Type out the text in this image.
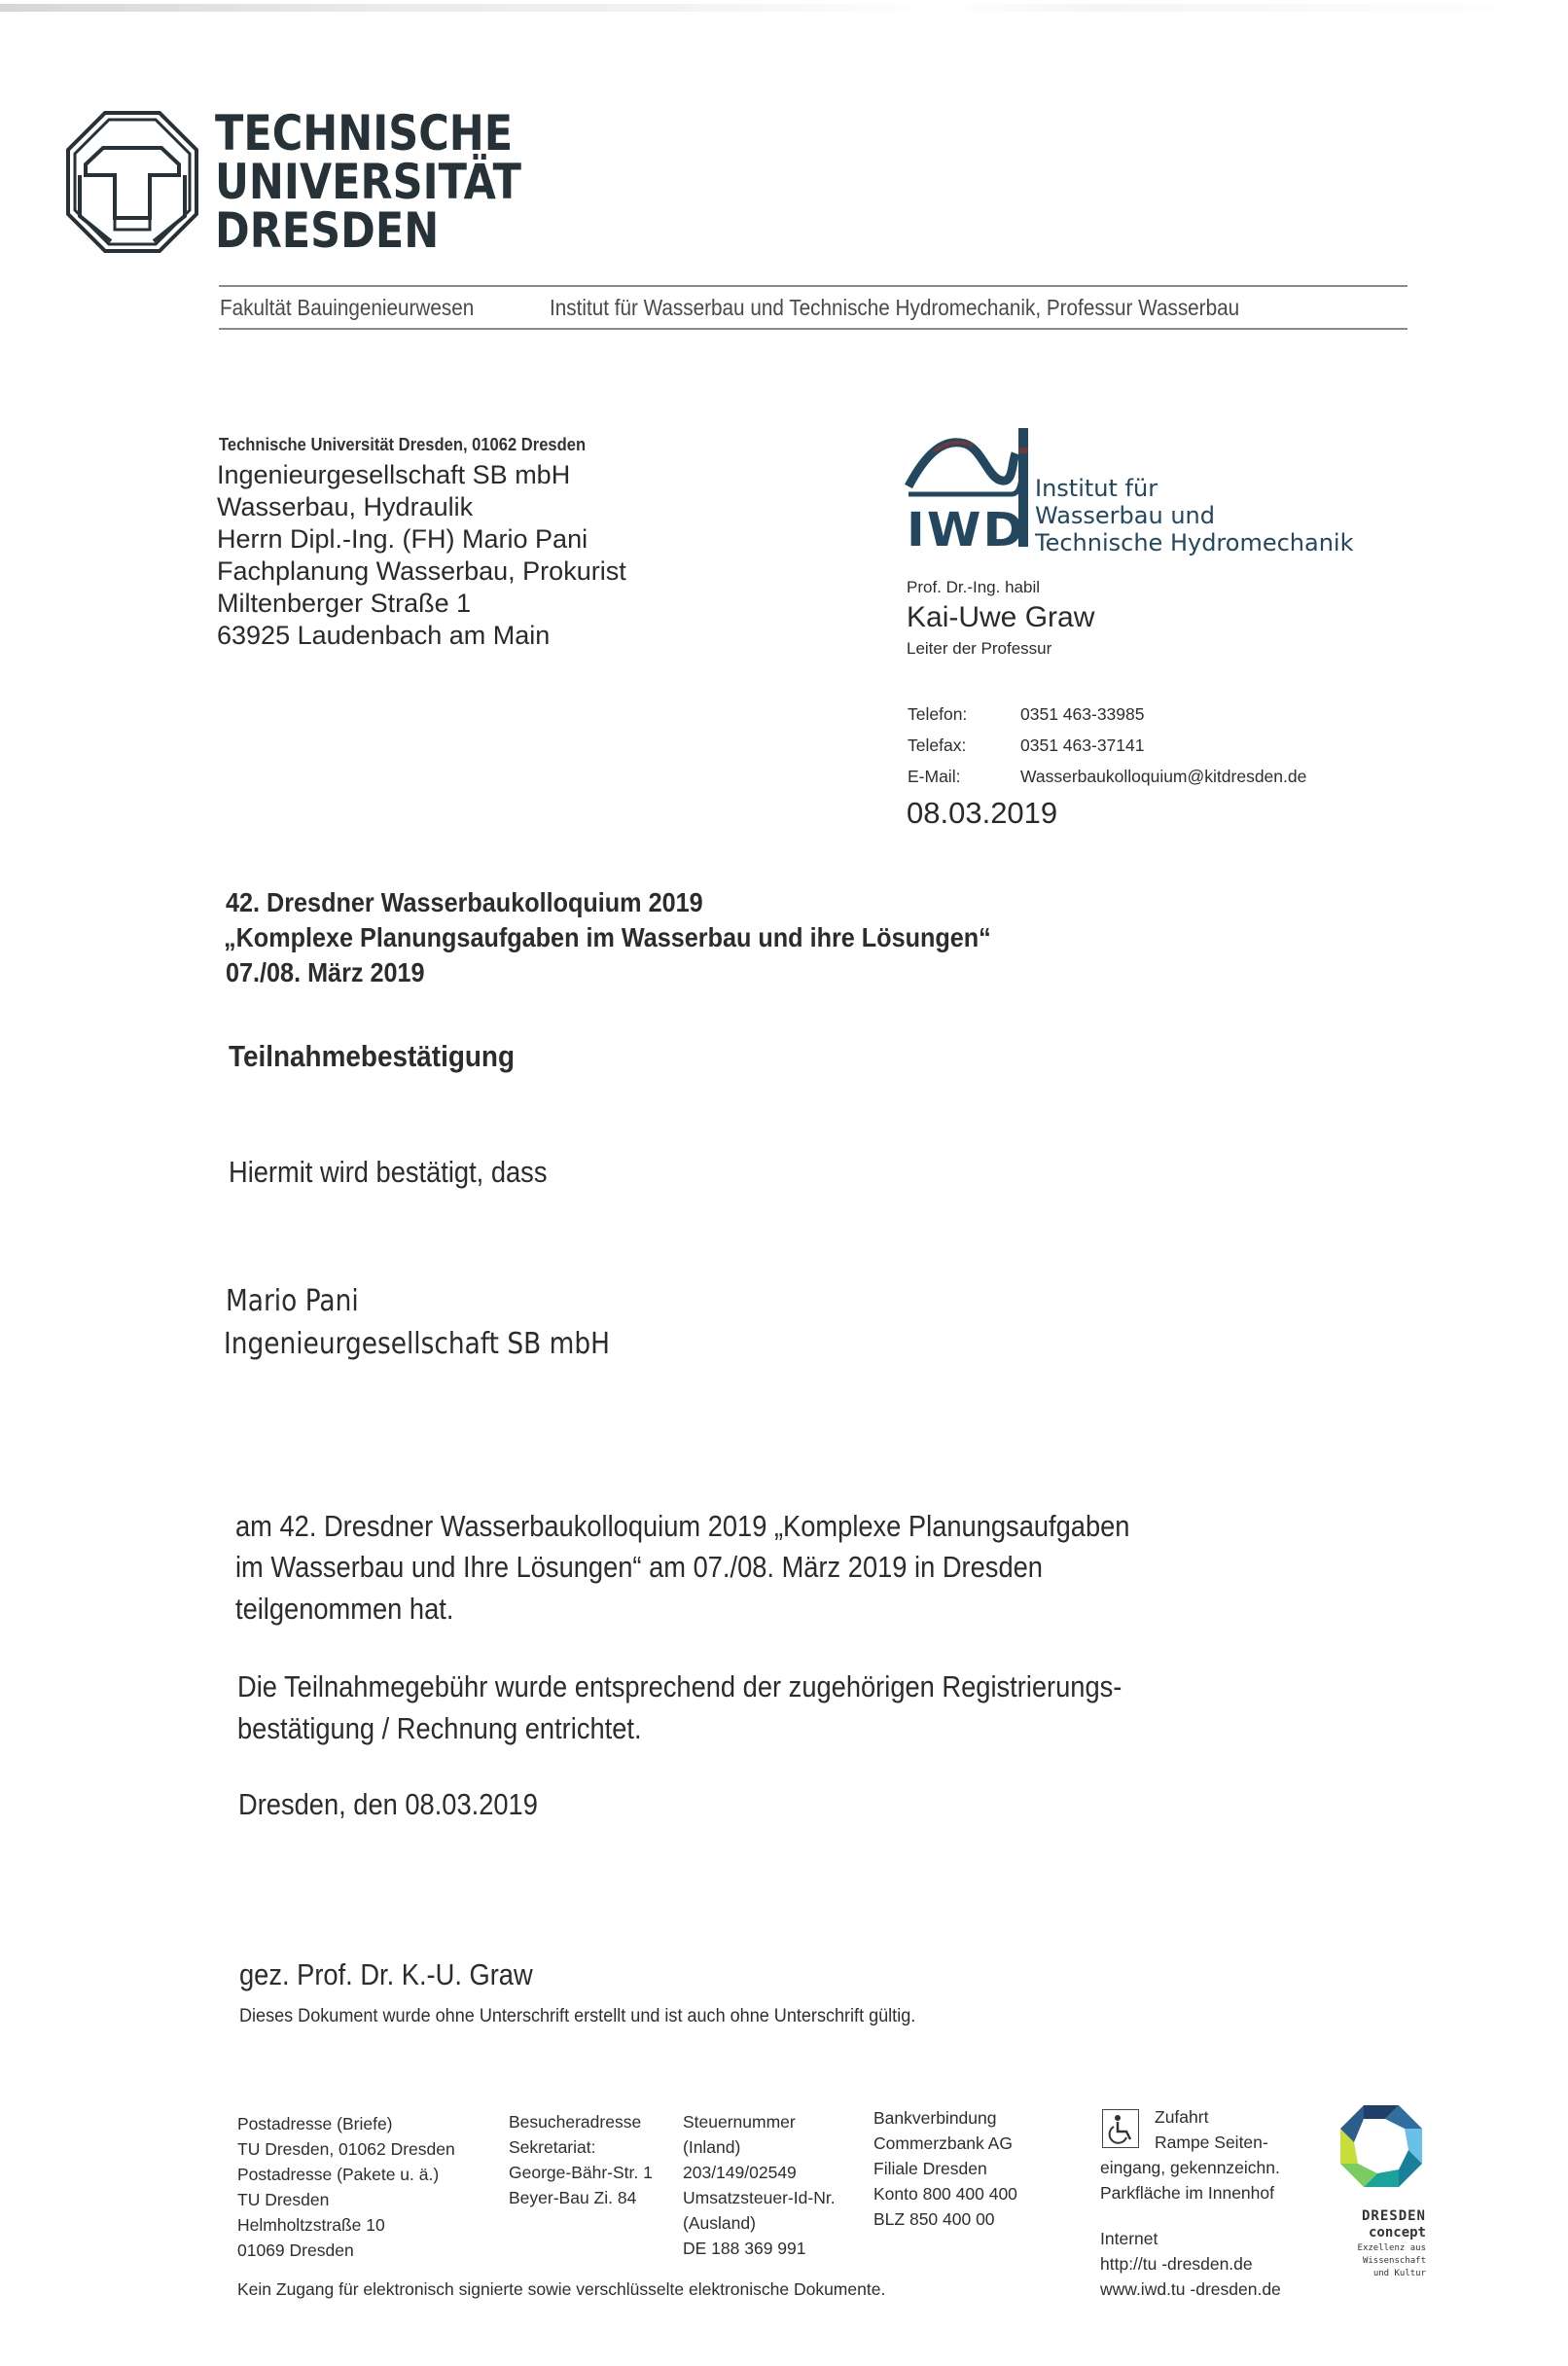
TECHNISCHE
UNIVERSITÄT
DRESDEN
Fakultät Bauingenieurwesen	Institut für Wasserbau und Technische Hydromechanik, Professur Wasserbau
Technische Universität Dresden, 01062 Dresden
Ingenieurgesellschaft SB mbH
Wasserbau, Hydraulik
Herrn Dipl.-Ing. (FH) Mario Pani
Fachplanung Wasserbau, Prokurist
Miltenberger Straße 1
63925 Laudenbach am Main
IWD
Institut für
Wasserbau und
Technische Hydromechanik
Prof. Dr.-Ing. habil
Kai-Uwe Graw
Leiter der Professur
Telefon:	0351 463-33985
Telefax:	0351 463-37141
E-Mail:	Wasserbaukolloquium@kitdresden.de
08.03.2019
42. Dresdner Wasserbaukolloquium 2019
„Komplexe Planungsaufgaben im Wasserbau und ihre Lösungen“
07./08. März 2019
Teilnahmebestätigung
Hiermit wird bestätigt, dass
Mario Pani
Ingenieurgesellschaft SB mbH
am 42. Dresdner Wasserbaukolloquium 2019 „Komplexe Planungsaufgaben
im Wasserbau und Ihre Lösungen“ am 07./08. März 2019 in Dresden
teilgenommen hat.
Die Teilnahmegebühr wurde entsprechend der zugehörigen Registrierungs-
bestätigung / Rechnung entrichtet.
Dresden, den 08.03.2019
gez. Prof. Dr. K.-U. Graw
Dieses Dokument wurde ohne Unterschrift erstellt und ist auch ohne Unterschrift gültig.
Postadresse (Briefe)
TU Dresden, 01062 Dresden
Postadresse (Pakete u. ä.)
TU Dresden
Helmholtzstraße 10
01069 Dresden
Besucheradresse
Sekretariat:
George-Bähr-Str. 1
Beyer-Bau Zi. 84
Steuernummer
(Inland)
203/149/02549
Umsatzsteuer-Id-Nr.
(Ausland)
DE 188 369 991
Bankverbindung
Commerzbank AG
Filiale Dresden
Konto 800 400 400
BLZ 850 400 00
Zufahrt
Rampe Seiten-
eingang, gekennzeichn.
Parkfläche im Innenhof
Internet
http://tu -dresden.de
www.iwd.tu -dresden.de
Kein Zugang für elektronisch signierte sowie verschlüsselte elektronische Dokumente.
DRESDEN
concept
Exzellenz aus
Wissenschaft
und Kultur
